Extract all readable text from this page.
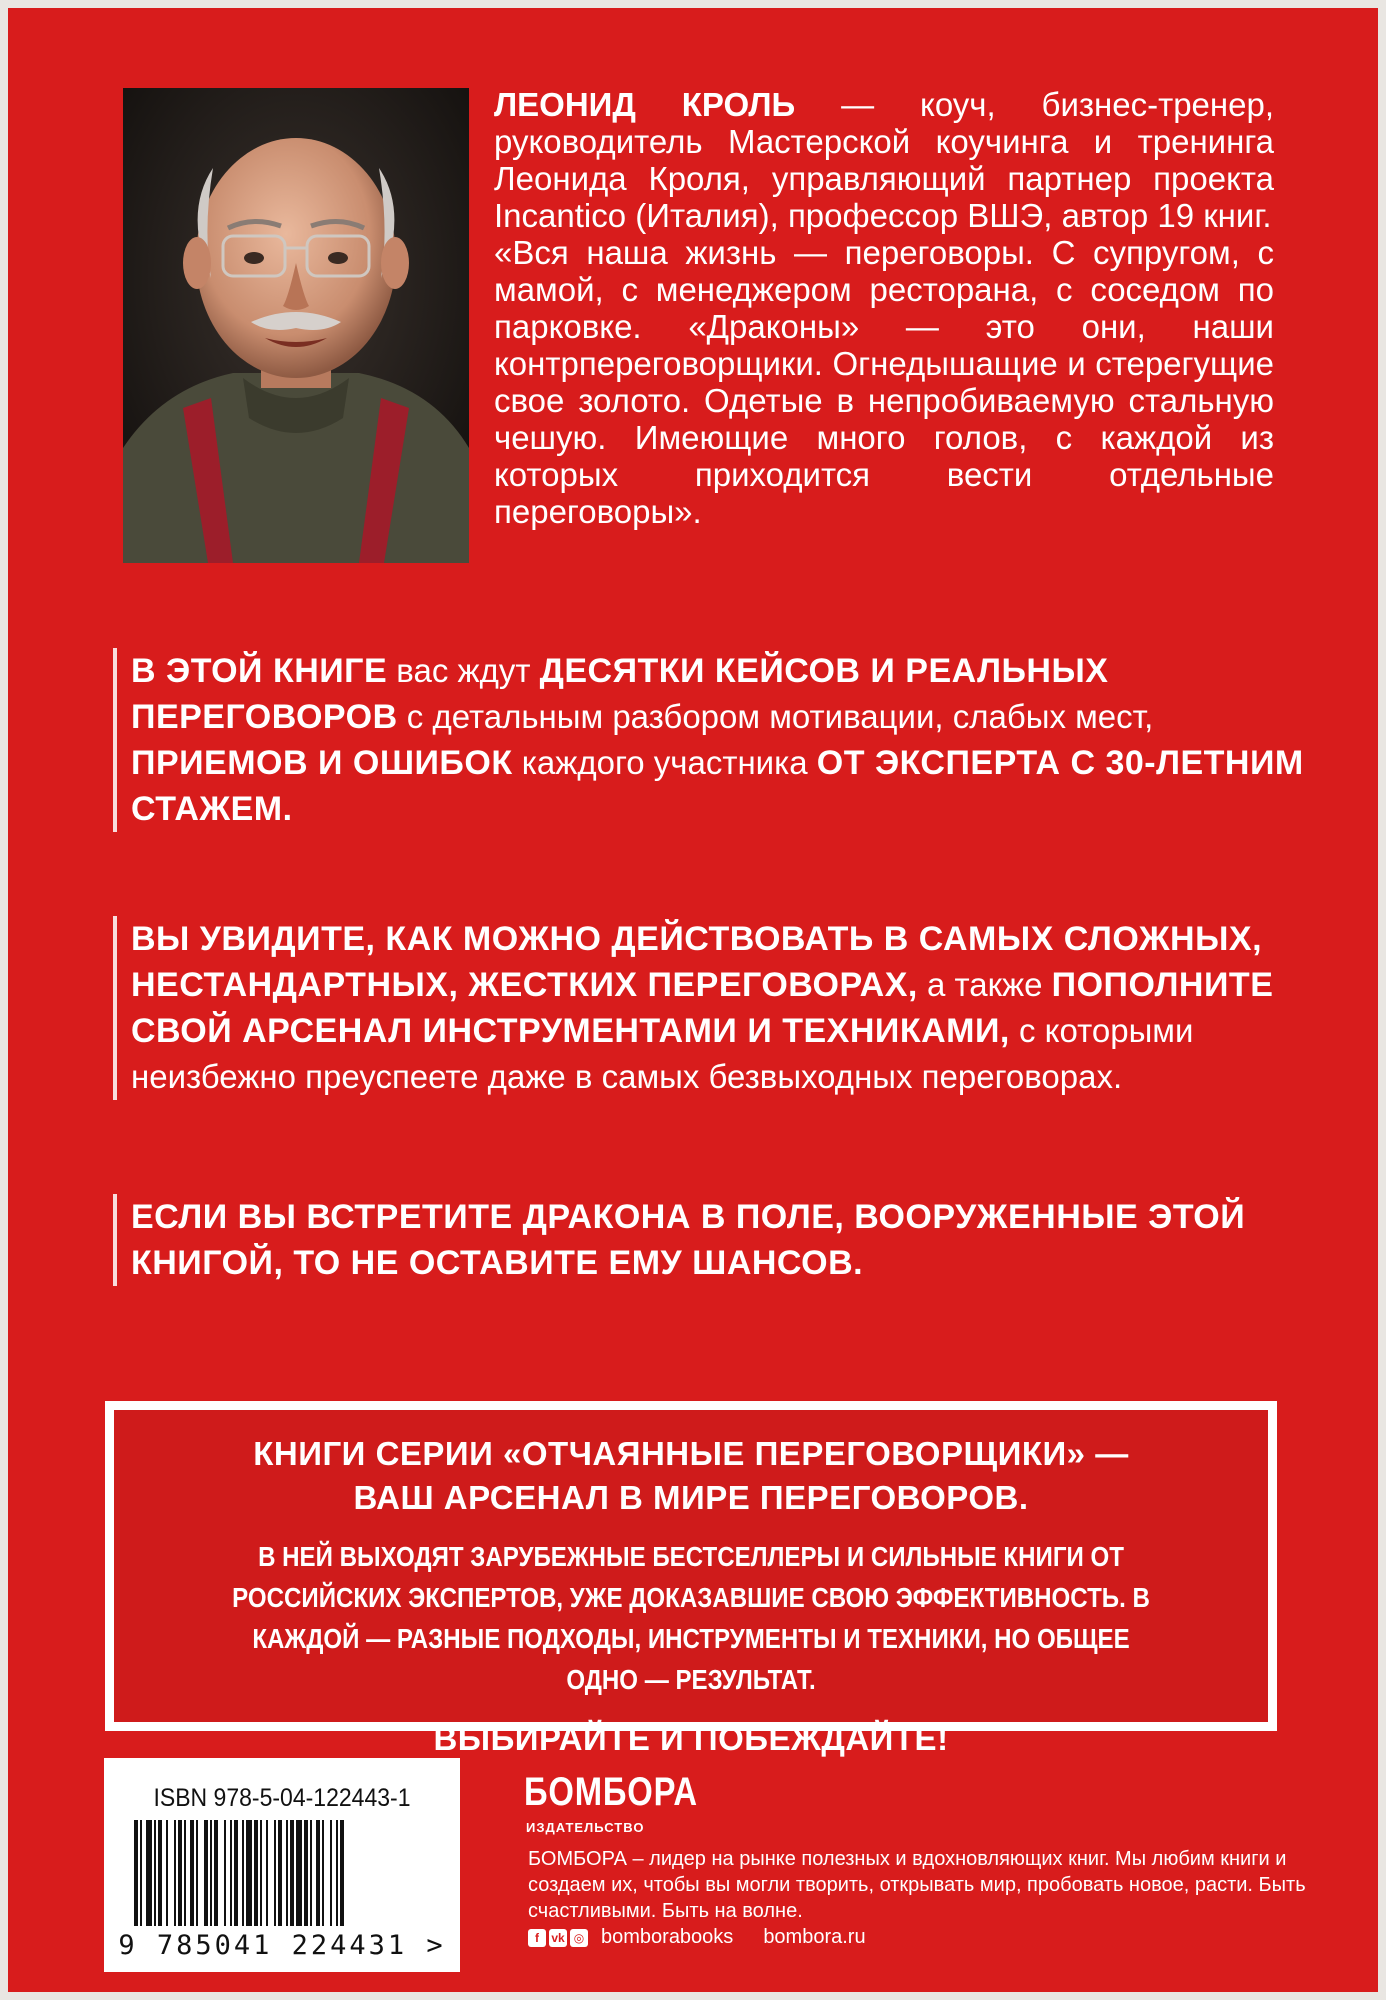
ЛЕОНИД КРОЛЬ — коуч, бизнес-тренер, руководитель Мастерской коучинга и тренинга Леонида Кроля, управляющий партнер проекта Incantico (Италия), профессор ВШЭ, автор 19 книг.

«Вся наша жизнь — переговоры. С супругом, с мамой, с менеджером ресторана, с соседом по парковке. «Драконы» — это они, наши контрпереговорщики. Огнедышащие и стерегущие свое золото. Одетые в непробиваемую стальную чешую. Имеющие много голов, с каждой из которых приходится вести отдельные переговоры».

В ЭТОЙ КНИГЕ вас ждут ДЕСЯТКИ КЕЙСОВ И РЕАЛЬНЫХ ПЕРЕГОВОРОВ с детальным разбором мотивации, слабых мест, ПРИЕМОВ И ОШИБОК каждого участника ОТ ЭКСПЕРТА С 30-ЛЕТНИМ СТАЖЕМ.

ВЫ УВИДИТЕ, КАК МОЖНО ДЕЙСТВОВАТЬ В САМЫХ СЛОЖНЫХ, НЕСТАНДАРТНЫХ, ЖЕСТКИХ ПЕРЕГОВОРАХ, а также ПОПОЛНИТЕ СВОЙ АРСЕНАЛ ИНСТРУМЕНТАМИ И ТЕХНИКАМИ, с которыми неизбежно преуспеете даже в самых безвыходных переговорах.

ЕСЛИ ВЫ ВСТРЕТИТЕ ДРАКОНА В ПОЛЕ, ВООРУЖЕННЫЕ ЭТОЙ КНИГОЙ, ТО НЕ ОСТАВИТЕ ЕМУ ШАНСОВ.

КНИГИ СЕРИИ «ОТЧАЯННЫЕ ПЕРЕГОВОРЩИКИ» —
ВАШ АРСЕНАЛ В МИРЕ ПЕРЕГОВОРОВ.
В НЕЙ ВЫХОДЯТ ЗАРУБЕЖНЫЕ БЕСТСЕЛЛЕРЫ И СИЛЬНЫЕ КНИГИ ОТ РОССИЙСКИХ ЭКСПЕРТОВ, УЖЕ ДОКАЗАВШИЕ СВОЮ ЭФФЕКТИВНОСТЬ. В КАЖДОЙ — РАЗНЫЕ ПОДХОДЫ, ИНСТРУМЕНТЫ И ТЕХНИКИ, НО ОБЩЕЕ ОДНО — РЕЗУЛЬТАТ.
ВЫБИРАЙТЕ И ПОБЕЖДАЙТЕ!
ISBN 978-5-04-122443-1
9 785041 224431 >
БОМБОРА
ИЗДАТЕЛЬСТВО

БОМБОРА – лидер на рынке полезных и вдохновляющих книг. Мы любим книги и создаем их, чтобы вы могли творить, открывать мир, пробовать новое, расти. Быть счастливыми. Быть на волне.

f	vk ◎ bomborabooks bombora.ru
